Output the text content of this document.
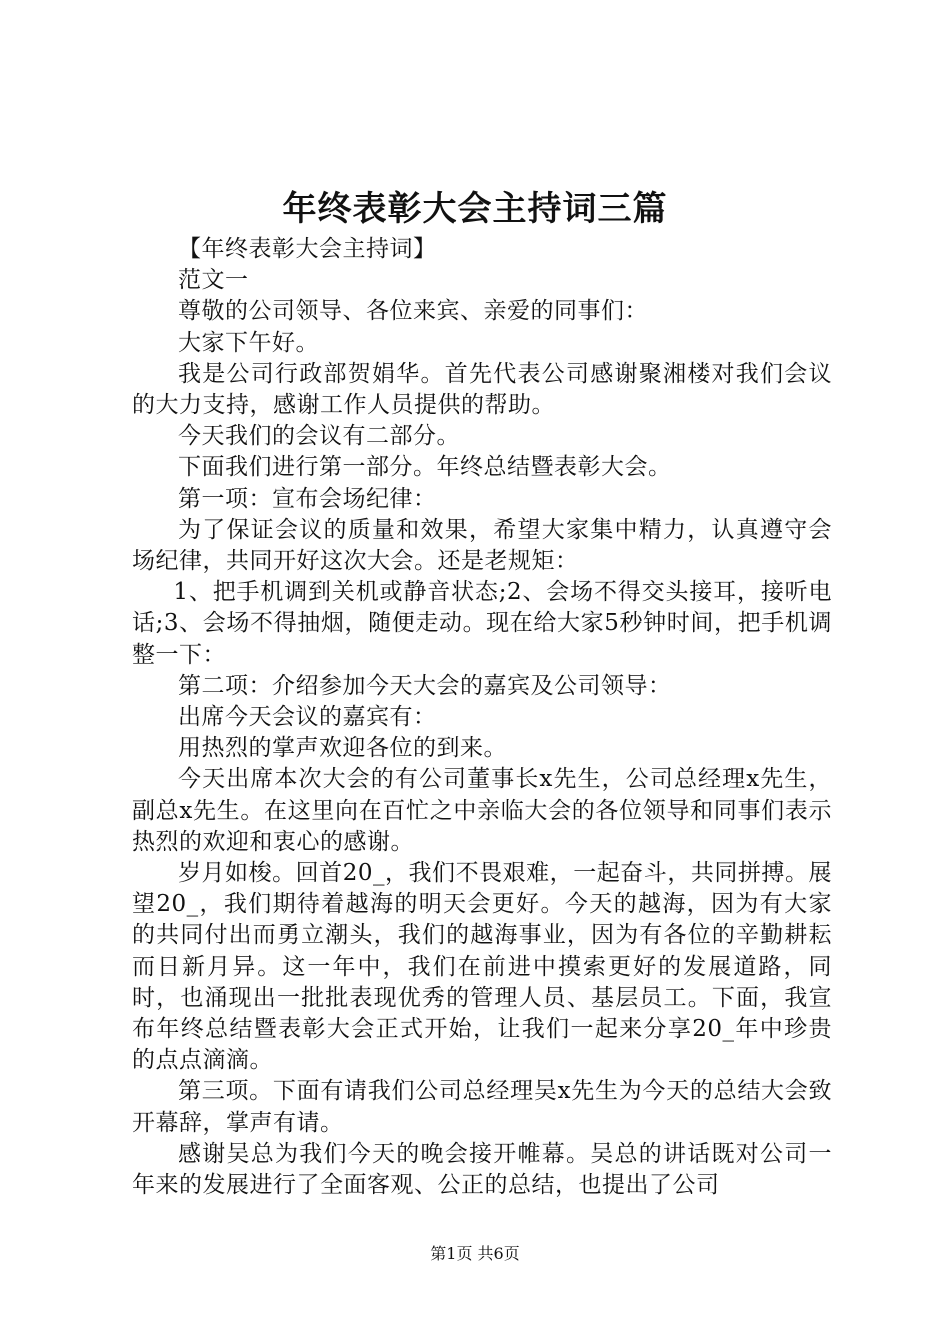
年终表彰大会主持词三篇

【年终表彰大会主持词】

范文一

尊敬的公司领导、各位来宾、亲爱的同事们：

大家下午好。

我是公司行政部贺娟华。首先代表公司感谢聚湘楼对我们会议的大力支持，感谢工作人员提供的帮助。

今天我们的会议有二部分。

下面我们进行第一部分。年终总结暨表彰大会。

第一项：宣布会场纪律：

为了保证会议的质量和效果，希望大家集中精力，认真遵守会场纪律，共同开好这次大会。还是老规矩：

1、把手机调到关机或静音状态;2、会场不得交头接耳，接听电话;3、会场不得抽烟，随便走动。现在给大家5秒钟时间，把手机调整一下：

第二项：介绍参加今天大会的嘉宾及公司领导：

出席今天会议的嘉宾有：

用热烈的掌声欢迎各位的到来。

今天出席本次大会的有公司董事长x先生，公司总经理x先生，副总x先生。在这里向在百忙之中亲临大会的各位领导和同事们表示热烈的欢迎和衷心的感谢。

岁月如梭。回首20_，我们不畏艰难，一起奋斗，共同拼搏。展望20_，我们期待着越海的明天会更好。今天的越海，因为有大家的共同付出而勇立潮头，我们的越海事业，因为有各位的辛勤耕耘而日新月异。这一年中，我们在前进中摸索更好的发展道路，同时，也涌现出一批批表现优秀的管理人员、基层员工。下面，我宣布年终总结暨表彰大会正式开始，让我们一起来分享20_年中珍贵的点点滴滴。

第三项。下面有请我们公司总经理吴x先生为今天的总结大会致开幕辞，掌声有请。

感谢吴总为我们今天的晚会接开帷幕。吴总的讲话既对公司一年来的发展进行了全面客观、公正的总结，也提出了公司

第1页 共6页
